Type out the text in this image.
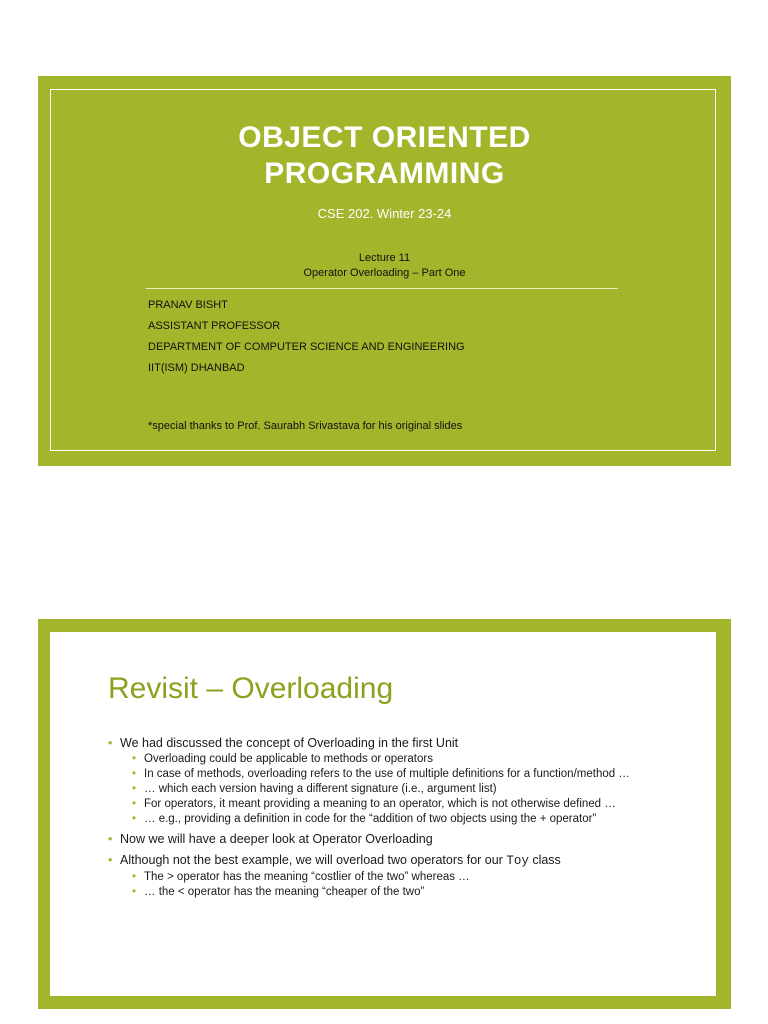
OBJECT ORIENTED
PROGRAMMING
CSE 202. Winter 23-24
Lecture 11
Operator Overloading – Part One
PRANAV BISHT
ASSISTANT PROFESSOR
DEPARTMENT OF COMPUTER SCIENCE AND ENGINEERING
IIT(ISM) DHANBAD
*special thanks to Prof. Saurabh Srivastava for his original slides
Revisit – Overloading
• We had discussed the concept of Overloading in the first Unit
• Overloading could be applicable to methods or operators
• In case of methods, overloading refers to the use of multiple definitions for a function/method …
• … which each version having a different signature (i.e., argument list)
• For operators, it meant providing a meaning to an operator, which is not otherwise defined …
• … e.g., providing a definition in code for the “addition of two objects using the + operator”
• Now we will have a deeper look at Operator Overloading
• Although not the best example, we will overload two operators for our Toy class
• The > operator has the meaning “costlier of the two” whereas …
• … the < operator has the meaning “cheaper of the two”
